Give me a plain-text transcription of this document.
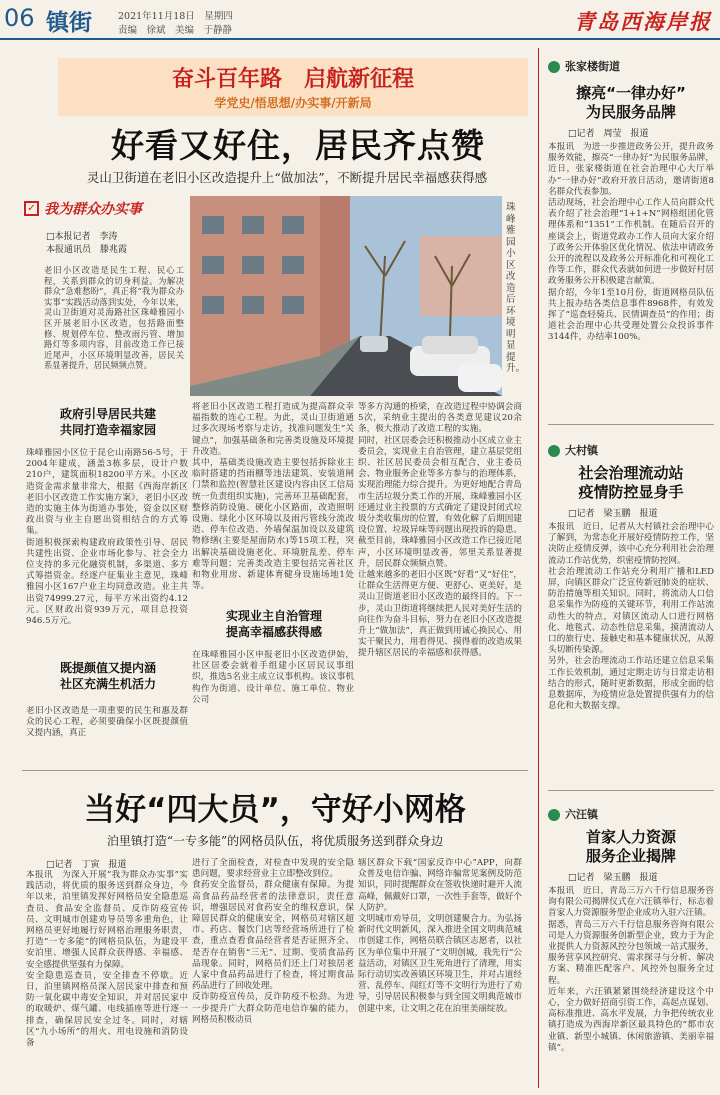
06 镇街	2021年11月18日　星期四
责编　徐斌　美编　于静静	青岛西海岸报
奋斗百年路　启航新征程
学党史/悟思想/办实事/开新局
好看又好住，居民齐点赞
灵山卫街道在老旧小区改造提升上“做加法”，不断提升居民幸福感获得感
✓ 我为群众办实事
□本报记者　李涛
本报通讯员　滕兆霞
老旧小区改造是民生工程、民心工程，关系到群众的切身利益。为解决群众“急难愁盼”，真正将“我为群众办实事”实践活动落到实处，今年以来，灵山卫街道对灵海路社区珠峰雅园小区开展老旧小区改造，包括路面整修、规划停车位、整改雨污管、增加路灯等多项内容，目前改造工作已接近尾声，小区环境明显改善，居民关系显著提升，居民频频点赞。
珠峰雅园小区改造后环境明显提升。
政府引导居民共建
共同打造幸福家园
珠峰雅园小区位于昆仑山南路56-5号，于2004年建成，涵盖3栋多层，设计户数210户，建筑面积18200平方米。小区改造资金需求量非常大，根据《西海岸新区老旧小区改造工作实施方案》，老旧小区改造的实施主体为街道办事处，资金以区财政出资与业主自愿出资相结合的方式筹集。
街道积极探索构建政府政策性引导、居民共建性出资、企业市场化参与、社会全力位支持的多元化融资机制，多渠道、多方式筹措资金。经逐户征集业主意见，珠峰雅园小区167户业主均同意改造。业主共出资74999.27元，每平方米出资约4.12元。区财政出资939万元，项目总投资946.5万元。
既提颜值又提内涵
社区充满生机活力
老旧小区改造是一项重要的民生和惠及群众的民心工程，必须要确保小区既提颜值又提内涵，真正
将老旧小区改造工程打造成为提高群众幸福指数的连心工程。为此，灵山卫街道通过多次现场考察与走访，找准问题发生“关键点”，加强基础条和完善类设施及环境提升改造。
其中，基础类设施改造主要包括拆除业主临时搭建的挡雨棚等违法建筑、安装道闸门禁和监控(智慧社区建设内容由区工信局统一负责组织实施)，完善环卫基础配套，整修消防设施、硬化小区路面，改造照明设施、绿化小区环境以及雨污管线分流改造、停车位改造、外墙保温加设以及建筑物修缮(主要是屋面防水)等15项工程，突出解决基础设施老化、环境脏乱差、停车难等问题；完善类改造主要包括完善社区和物业用房、新建体育健身设施场地1处等。
实现业主自治管理
提高幸福感获得感
在珠峰雅园小区申报老旧小区改造伊始，社区居委会就着手组建小区居民议事组织，推选5名业主成立议事机构。该议事机构作为街道、设计单位、施工单位、物业公司
等多方沟通的桥梁，在改造过程中协调会商5次，采纳业主提出的各类意见建议20余条，极大推动了改造工程的实施。
同时，社区居委会还积极推动小区成立业主委员会，实现业主自治管理，建立基层党组织、社区居民委员会相互配合，业主委员会、物业服务企业等多方参与的治理体系，实现治理能力综合提升。为更好地配合青岛市生活垃圾分类工作的开展，珠峰雅园小区还通过业主投票的方式确定了建设封闭式垃圾分类收集房的位置，有效化解了后期因建设位置、垃圾异味等问题出现投诉的隐患。截至目前，珠峰雅园小区改造工作已接近尾声，小区环境明显改善，邻里关系显著提升，居民群众频频点赞。
让越来越多的老旧小区既“好看”又“好住”，让群众生活得更方便、更舒心、更美好，是灵山卫街道老旧小区改造的最终目的。下一步，灵山卫街道将继续把人民对美好生活的向往作为奋斗目标，努力在老旧小区改造提升上“做加法”，真正做到用诚心换民心、用实干聚民力，用看得见、摸得着的改造成果提升辖区居民的幸福感和获得感。
当好“四大员”，守好小网格
泊里镇打造“一专多能”的网格员队伍，将优质服务送到群众身边
□记者　丁寅　报道
本报讯　为深入开展“我为群众办实事”实践活动，将优质的服务送到群众身边，今年以来，泊里镇发挥好网格员安全隐患巡查员、食品安全监督员、反诈防疫宣传员、文明城市创建劝导员等多重角色，让网格员更好地履行好网格治理服务职责，打造“一专多能”的网格员队伍，为建设平安泊里、增强人民群众获得感、幸福感、安全感提供坚强有力保障。
安全隐患巡查员，安全排查不停歇。近日，泊里镇网格员深入居民家中排查和预防一氧化碳中毒安全知识，并对居民家中的取暖炉、煤气罐、电线插座等进行逐一排查，确保居民安全过冬。同时，对辖区“九小场所”的用火、用电设施和消防设备
进行了全面检查，对检查中发现的安全隐患问题，要求经营业主立即整改到位。
食药安全监督员，群众健康有保障。为提高食品药品经营者的法律意识，责任意识，增强居民对食药安全的维权意识，保障居民群众的健康安全，网格员对辖区超市、药店、餐饮门店等经营场所进行了检查，重点查看食品经营者是否证照齐全、是否存在销售“三无”、过期、变质食品药品现象。同时，网格员们还上门对独居老人家中食品药品进行了检查，将过期食品药品进行了回收处理。
反诈防疫宣传员，反诈防疫不松劲。为进一步提升广大群众防范电信诈骗的能力，网格员积极动员
辖区群众下载“国家反诈中心”APP，向群众普及电信诈骗、网络诈骗常见案例及防范知识，同时提醒群众在签收快递时避开人流高峰，佩戴好口罩，一次性手套等，做好个人防护。
文明城市劝导员，文明创建聚合力。为弘扬新时代文明新风，深入推进全国文明典范城市创建工作，网格员联合镇区志愿者，以社区为单位集中开展了“文明创城，我先行”公益活动，对镇区卫生死角进行了清理，用实际行动切实改善镇区环境卫生，并对占道经营、乱停车、闯红灯等不文明行为进行了劝导，引导居民积极参与到全国文明典范城市创建中来，让文明之花在泊里美丽绽放。
张家楼街道
擦亮“一律办好”
为民服务品牌
□记者　周莹　报道
本报讯　为进一步推进政务公开，提升政务服务效能，擦亮“一律办好”为民服务品牌，近日，张家楼街道在社会治理中心大厅举办“一律办好”政府开放日活动，邀请街道8名群众代表参加。
活动现场，社会治理中心工作人员向群众代表介绍了社会治理“1+1+N”网格组团化管理体系和“1351”工作机制。在随后召开的座谈会上，街道党政办工作人员向大家介绍了政务公开体验区优化情况、依法申请政务公开的流程以及政务公开标准化和可视化工作等工作，群众代表就如何进一步做好村居政务服务公开积极建言献策。
据介绍，今年1至10月份，街道网格员队伍共上报办结各类信息事件8968件，有效发挥了“巡查轻骑兵、民情调查员”的作用；街道社会治理中心共受理处置公众投诉事件3144件，办结率100%。
大村镇
社会治理流动站
疫情防控显身手
□记者　梁玉鹏　报道
本报讯　近日，记者从大村镇社会治理中心了解到，为常态化开展好疫情防控工作，坚决防止疫情反弹，该中心充分利用社会治理流动工作站优势，织密疫情防控网。
社会治理流动工作站充分利用广播和LED屏，向镇区群众广泛宣传新冠肺炎的症状、防治措施等相关知识。同时，将流动人口信息采集作为防疫的关键环节，利用工作站流动性大的特点，对镇区流动人口进行网格化、地毯式、动态性信息采集，摸清流动人口的旅行史、接触史和基本健康状况，从源头切断传染源。
另外，社会治理流动工作站还建立信息采集工作长效机制，通过定期走访与日常走访相结合的形式，随时更新数据，形成全面的信息数据库，为疫情应急处置提供强有力的信息化和大数据支撑。
六汪镇
首家人力资源
服务企业揭牌
□记者　梁玉鹏　报道
本报讯　近日，青岛三万六千行信息服务咨询有限公司揭牌仪式在六汪镇举行，标志着首家人力资源服务型企业成功入驻六汪镇。
据悉，青岛三万六千行信息服务咨询有限公司是人力资源服务创新型企业，致力于为企业提供人力资源风控分包领域一站式服务，服务营享风控研究、需求探寻与分析、解决方案、精准匹配客户、风控外包服务全过程。
近年来，六汪镇紧紧围绕经济建设这个中心，全力做好招商引资工作，高起点谋划、高标准推进、高水平发展，力争把传统农业镇打造成为西海岸新区最具特色的“都市农业镇、新型小城镇、休闲旅游镇、美丽幸福镇”。
